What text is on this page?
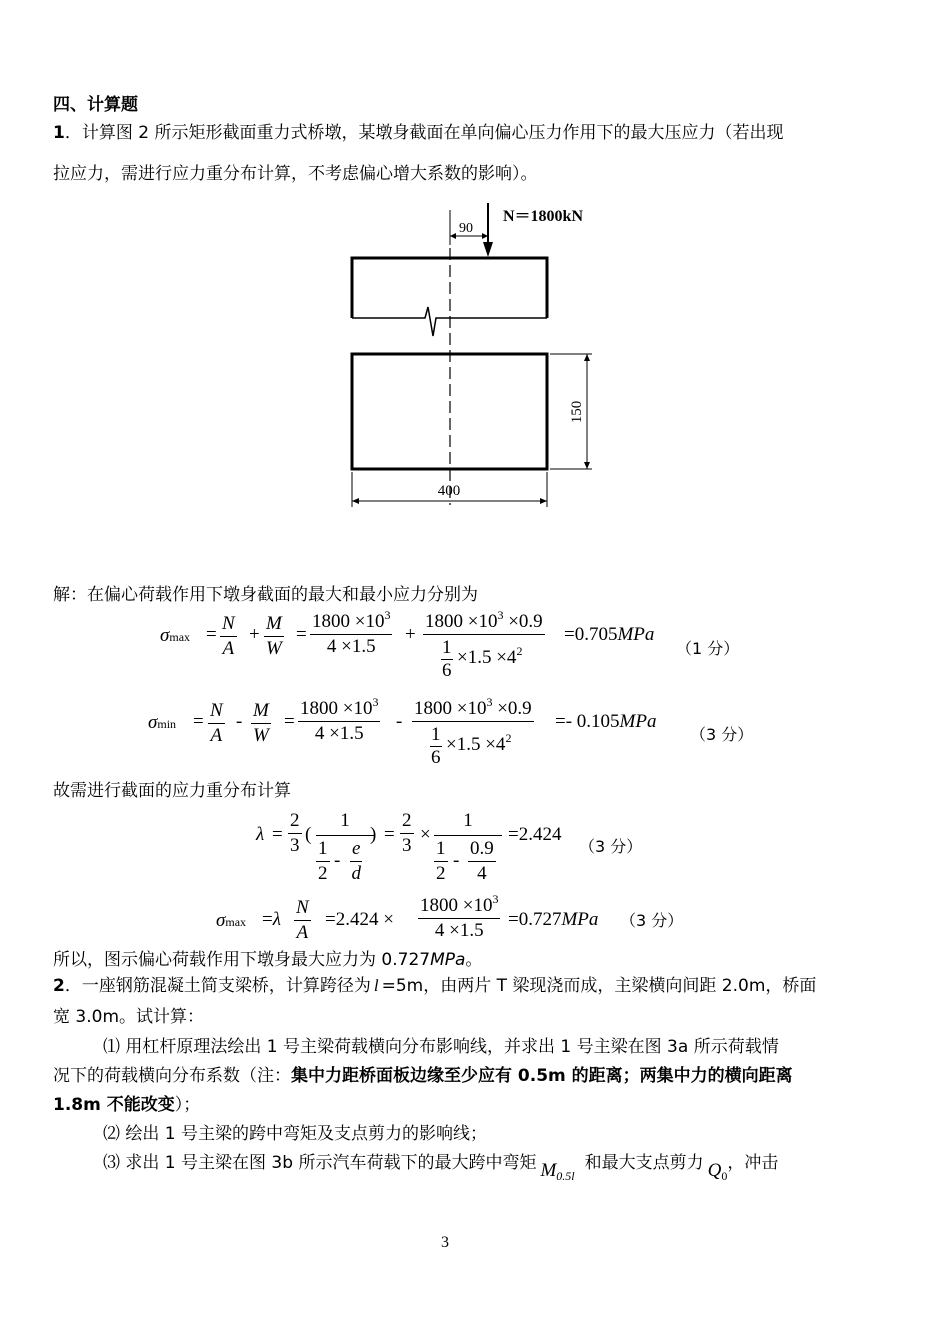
四、计算题
1．计算图 2 所示矩形截面重力式桥墩，某墩身截面在单向偏心压力作用下的最大压应力（若出现
拉应力，需进行应力重分布计算，不考虑偏心增大系数的影响）。
N＝1800kN
90
150
400
解：在偏心荷载作用下墩身截面的最大和最小应力分别为
$\sigma\max = \frac{N}{A} + \frac{M}{W} = \frac{1800 \times 10^3}{4 \times 1.5} + 1800 \times 10^3 \times 0.9$
1
6
$\times 1.5 \times 4^2 =0.705MPa$
（1 分）
$\sigma\min = \frac{N}{A} - \frac{M}{W} = \frac{1800 \times 10^3}{4 \times 1.5} - 1800 \times 10^3 \times 0.9$
1
6
$\times 1.5 \times 4^2 =- 0.105MPa$
（3 分）
故需进行截面的应力重分布计算
$\lambda = \frac{2}{3}$ (
1
$\frac{1}{2} - \frac{e}{d}$
) = $\frac{2}{3}$ ×
1
$\frac{1}{2} - \frac{0.9}{4}$
=2.424
（3 分）
$\sigma\max =\lambda \frac{N}{A} =2.424 \times \frac{1800 \times 10^3}{4 \times 1.5} =0.727MPa$ （3 分）
所以，图示偏心荷载作用下墩身最大应力为 0.727MPa。
2．一座钢筋混凝土简支梁桥，计算跨径为 l =5m，由两片 T 梁现浇而成，主梁横向间距 2.0m，桥面
宽 3.0m。试计算：
⑴ 用杠杆原理法绘出 1 号主梁荷载横向分布影响线，并求出 1 号主梁在图 3a 所示荷载情
况下的荷载横向分布系数（注：集中力距桥面板边缘至少应有 0.5m 的距离；两集中力的横向距离
1.8m 不能改变）；
⑵ 绘出 1 号主梁的跨中弯矩及支点剪力的影响线；
⑶ 求出 1 号主梁在图 3b 所示汽车荷载下的最大跨中弯矩 $M_{0.5l}$和最大支点剪力 $Q_0$，冲击
3
